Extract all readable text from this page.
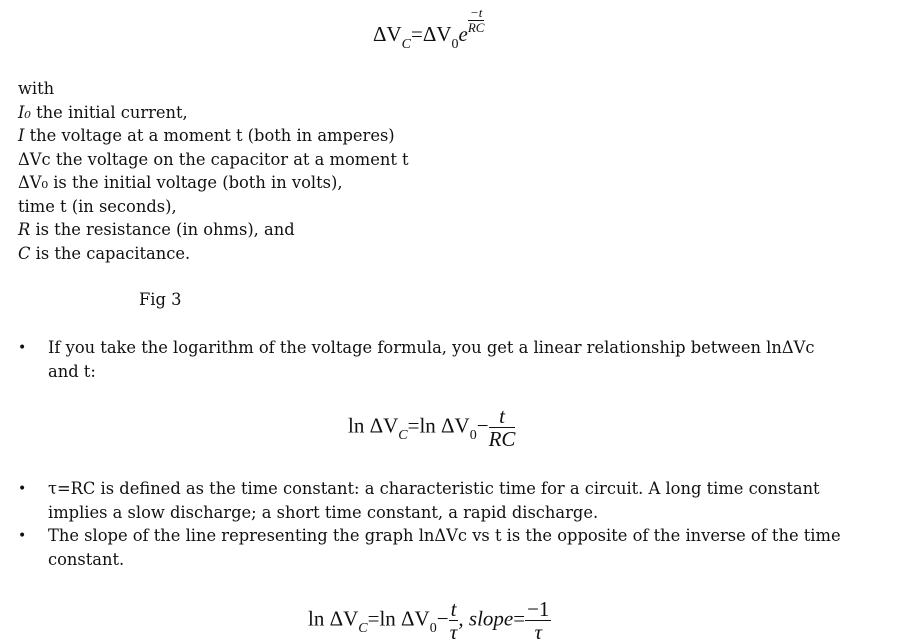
$\Delta V_C=\Delta V_0e \frac{-t}{RC}$
with
I₀ the initial current,
I the voltage at a moment t (both in amperes)
ΔVc the voltage on the capacitor at a moment t
ΔV₀ is the initial voltage (both in volts),
time t (in seconds),
R is the resistance (in ohms), and
C is the capacitance.
Fig 3
• If you take the logarithm of the voltage formula, you get a linear relationship between lnΔVc
and t:
$\ln \Delta V_C=\ln$ $\Delta V_0- \frac{t}{RC}$
• τ=RC is defined as the time constant: a characteristic time for a circuit. A long time constant
implies a slow discharge; a short time constant, a rapid discharge.
• The slope of the line representing the graph lnΔVc vs t is the opposite of the inverse of the time
constant.
$\ln \Delta V_C=\ln$ $\Delta V_0- \frac{t}{\tau}$ , slope= $\frac{-1}{\tau}$
